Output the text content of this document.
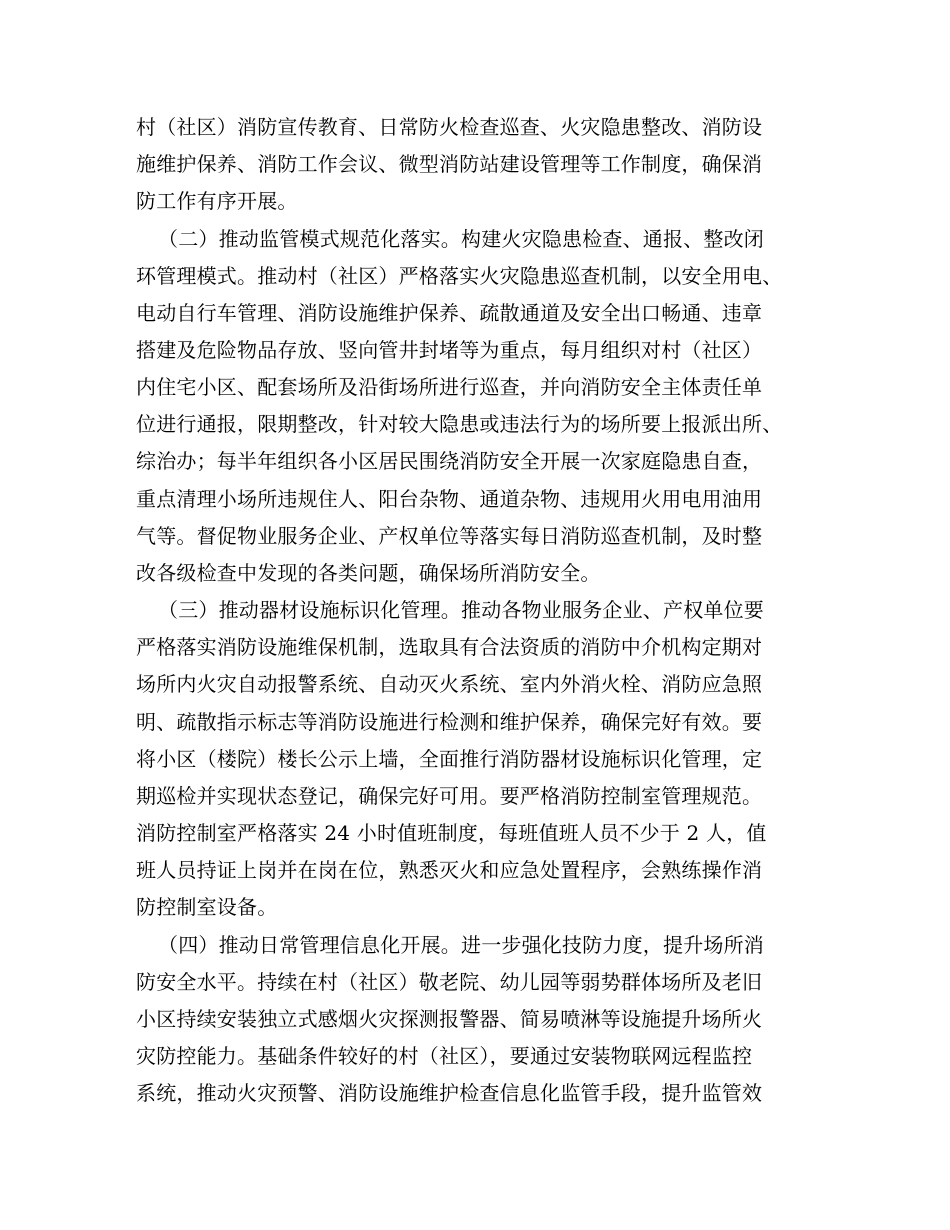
村（社区）消防宣传教育、日常防火检查巡查、火灾隐患整改、消防设
施维护保养、消防工作会议、微型消防站建设管理等工作制度，确保消
防工作有序开展。
（二）推动监管模式规范化落实。构建火灾隐患检查、通报、整改闭
环管理模式。推动村（社区）严格落实火灾隐患巡查机制，以安全用电、
电动自行车管理、消防设施维护保养、疏散通道及安全出口畅通、违章
搭建及危险物品存放、竖向管井封堵等为重点，每月组织对村（社区）
内住宅小区、配套场所及沿街场所进行巡查，并向消防安全主体责任单
位进行通报，限期整改，针对较大隐患或违法行为的场所要上报派出所、
综治办；每半年组织各小区居民围绕消防安全开展一次家庭隐患自查，
重点清理小场所违规住人、阳台杂物、通道杂物、违规用火用电用油用
气等。督促物业服务企业、产权单位等落实每日消防巡查机制，及时整
改各级检查中发现的各类问题，确保场所消防安全。
（三）推动器材设施标识化管理。推动各物业服务企业、产权单位要
严格落实消防设施维保机制，选取具有合法资质的消防中介机构定期对
场所内火灾自动报警系统、自动灭火系统、室内外消火栓、消防应急照
明、疏散指示标志等消防设施进行检测和维护保养，确保完好有效。要
将小区（楼院）楼长公示上墙，全面推行消防器材设施标识化管理，定
期巡检并实现状态登记，确保完好可用。要严格消防控制室管理规范。
消防控制室严格落实 24 小时值班制度，每班值班人员不少于 2 人，值
班人员持证上岗并在岗在位，熟悉灭火和应急处置程序，会熟练操作消
防控制室设备。
（四）推动日常管理信息化开展。进一步强化技防力度，提升场所消
防安全水平。持续在村（社区）敬老院、幼儿园等弱势群体场所及老旧
小区持续安装独立式感烟火灾探测报警器、简易喷淋等设施提升场所火
灾防控能力。基础条件较好的村（社区），要通过安装物联网远程监控
系统，推动火灾预警、消防设施维护检查信息化监管手段，提升监管效
